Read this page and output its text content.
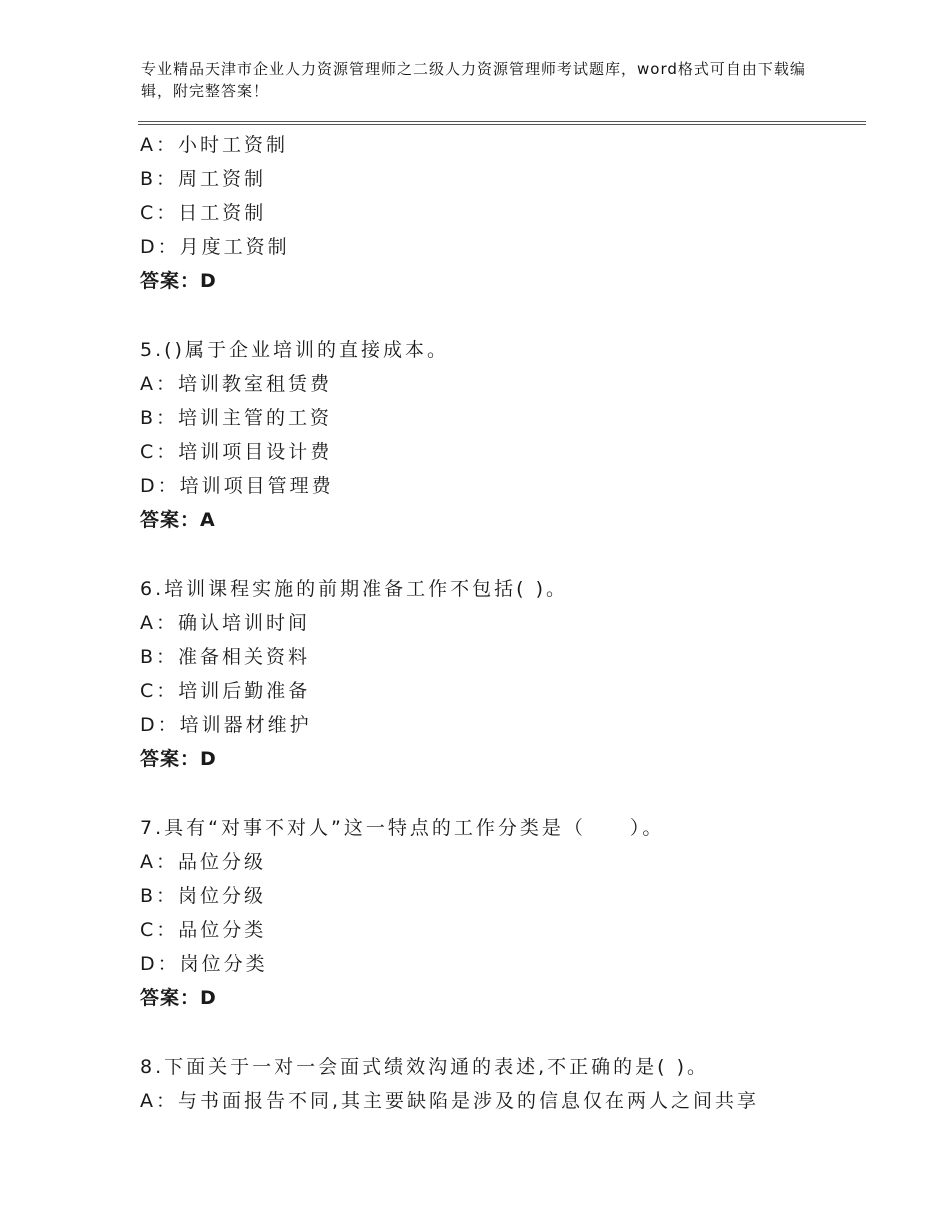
专业精品天津市企业人力资源管理师之二级人力资源管理师考试题库，word格式可自由下载编辑，附完整答案！
A：小时工资制
B：周工资制
C：日工资制
D：月度工资制
答案：D
5.()属于企业培训的直接成本。
A：培训教室租赁费
B：培训主管的工资
C：培训项目设计费
D：培训项目管理费
答案：A
6.培训课程实施的前期准备工作不包括( )。
A：确认培训时间
B：准备相关资料
C：培训后勤准备
D：培训器材维护
答案：D
7.具有“对事不对人”这一特点的工作分类是（　　）。
A：品位分级
B：岗位分级
C：品位分类
D：岗位分类
答案：D
8.下面关于一对一会面式绩效沟通的表述,不正确的是( )。
A：与书面报告不同,其主要缺陷是涉及的信息仅在两人之间共享
